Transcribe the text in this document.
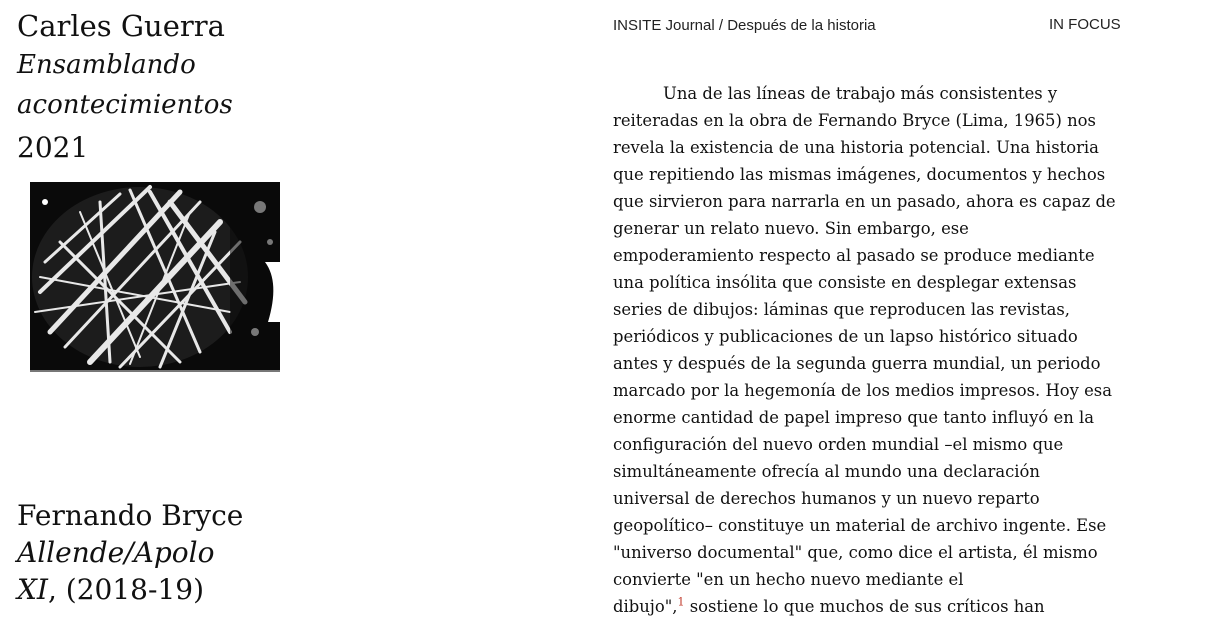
Carles Guerra
Ensamblando
acontecimientos
2021
Fernando Bryce
Allende/Apolo
XI, (2018-19)
INSITE Journal / Después de la historia	IN FOCUS
Una de las líneas de trabajo más consistentes y
reiteradas en la obra de Fernando Bryce (Lima, 1965) nos
revela la existencia de una historia potencial. Una historia
que repitiendo las mismas imágenes, documentos y hechos
que sirvieron para narrarla en un pasado, ahora es capaz de
generar un relato nuevo. Sin embargo, ese
empoderamiento respecto al pasado se produce mediante
una política insólita que consiste en desplegar extensas
series de dibujos: láminas que reproducen las revistas,
periódicos y publicaciones de un lapso histórico situado
antes y después de la segunda guerra mundial, un periodo
marcado por la hegemonía de los medios impresos. Hoy esa
enorme cantidad de papel impreso que tanto influyó en la
configuración del nuevo orden mundial –el mismo que
simultáneamente ofrecía al mundo una declaración
universal de derechos humanos y un nuevo reparto
geopolítico– constituye un material de archivo ingente. Ese
"universo documental" que, como dice el artista, él mismo
convierte "en un hecho nuevo mediante el
dibujo",$^1$ sostiene lo que muchos de sus críticos han
